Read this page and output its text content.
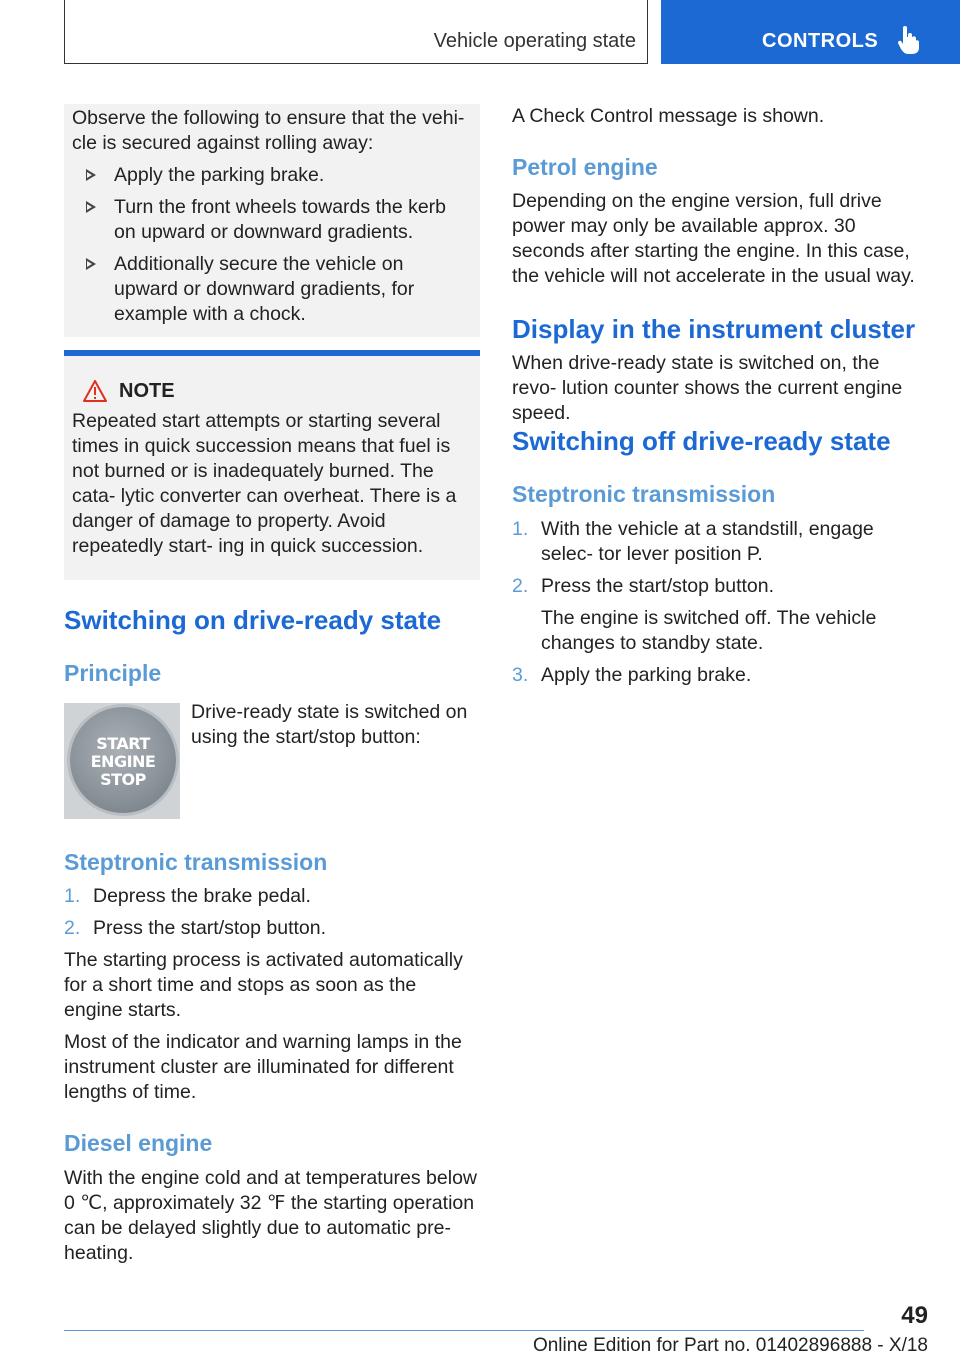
Vehicle operating state	CONTROLS
Observe the following to ensure that the vehi- cle is secured against rolling away:
Apply the parking brake.
Turn the front wheels towards the kerb on upward or downward gradients.
Additionally secure the vehicle on upward or downward gradients, for example with a chock.
NOTE
Repeated start attempts or starting several times in quick succession means that fuel is not burned or is inadequately burned. The cata- lytic converter can overheat. There is a danger of damage to property. Avoid repeatedly start- ing in quick succession.
Switching on drive-ready state
Principle
START
ENGINE
STOP
Drive-ready state is switched on using the start/stop button:
Steptronic transmission
1. Depress the brake pedal.
2. Press the start/stop button.
The starting process is activated automatically for a short time and stops as soon as the engine starts.
Most of the indicator and warning lamps in the instrument cluster are illuminated for different lengths of time.
Diesel engine
With the engine cold and at temperatures below 0 ℃, approximately 32 ℉ the starting operation can be delayed slightly due to automatic pre- heating.
A Check Control message is shown.
Petrol engine
Depending on the engine version, full drive power may only be available approx. 30 seconds after starting the engine. In this case, the vehicle will not accelerate in the usual way.
Display in the instrument cluster
When drive-ready state is switched on, the revo- lution counter shows the current engine speed.
Switching off drive-ready state
Steptronic transmission
1. With the vehicle at a standstill, engage selec- tor lever position P.
2. Press the start/stop button.
The engine is switched off. The vehicle changes to standby state.
3. Apply the parking brake.
49
Online Edition for Part no. 01402896888 - X/18
